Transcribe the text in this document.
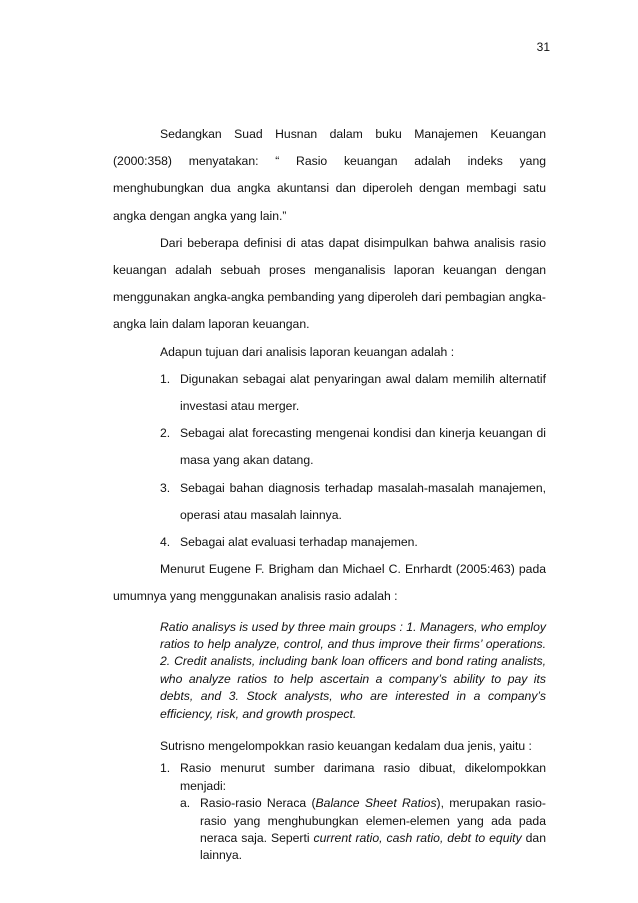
31

Sedangkan Suad Husnan dalam buku Manajemen Keuangan (2000:358) menyatakan: “ Rasio keuangan adalah indeks yang menghubungkan dua angka akuntansi dan diperoleh dengan membagi satu angka dengan angka yang lain.”

Dari beberapa definisi di atas dapat disimpulkan bahwa analisis rasio keuangan adalah sebuah proses menganalisis laporan keuangan dengan menggunakan angka-angka pembanding yang diperoleh dari pembagian angka-angka lain dalam laporan keuangan.

Adapun tujuan dari analisis laporan keuangan adalah :

1. Digunakan sebagai alat penyaringan awal dalam memilih alternatif investasi atau merger.
2. Sebagai alat forecasting mengenai kondisi dan kinerja keuangan di masa yang akan datang.
3. Sebagai bahan diagnosis terhadap masalah-masalah manajemen, operasi atau masalah lainnya.
4. Sebagai alat evaluasi terhadap manajemen.

Menurut Eugene F. Brigham dan Michael C. Enrhardt (2005:463) pada umumnya yang menggunakan analisis rasio adalah :

Ratio analisys is used by three main groups : 1. Managers, who employ ratios to help analyze, control, and thus improve their firms’ operations. 2. Credit analists, including bank loan officers and bond rating analists, who analyze ratios to help ascertain a company’s ability to pay its debts, and 3. Stock analysts, who are interested in a company’s efficiency, risk, and growth prospect.

Sutrisno mengelompokkan rasio keuangan kedalam dua jenis, yaitu :

1. Rasio menurut sumber darimana rasio dibuat, dikelompokkan menjadi:
a. Rasio-rasio Neraca (Balance Sheet Ratios), merupakan rasio-rasio yang menghubungkan elemen-elemen yang ada pada neraca saja. Seperti current ratio, cash ratio, debt to equity dan lainnya.
